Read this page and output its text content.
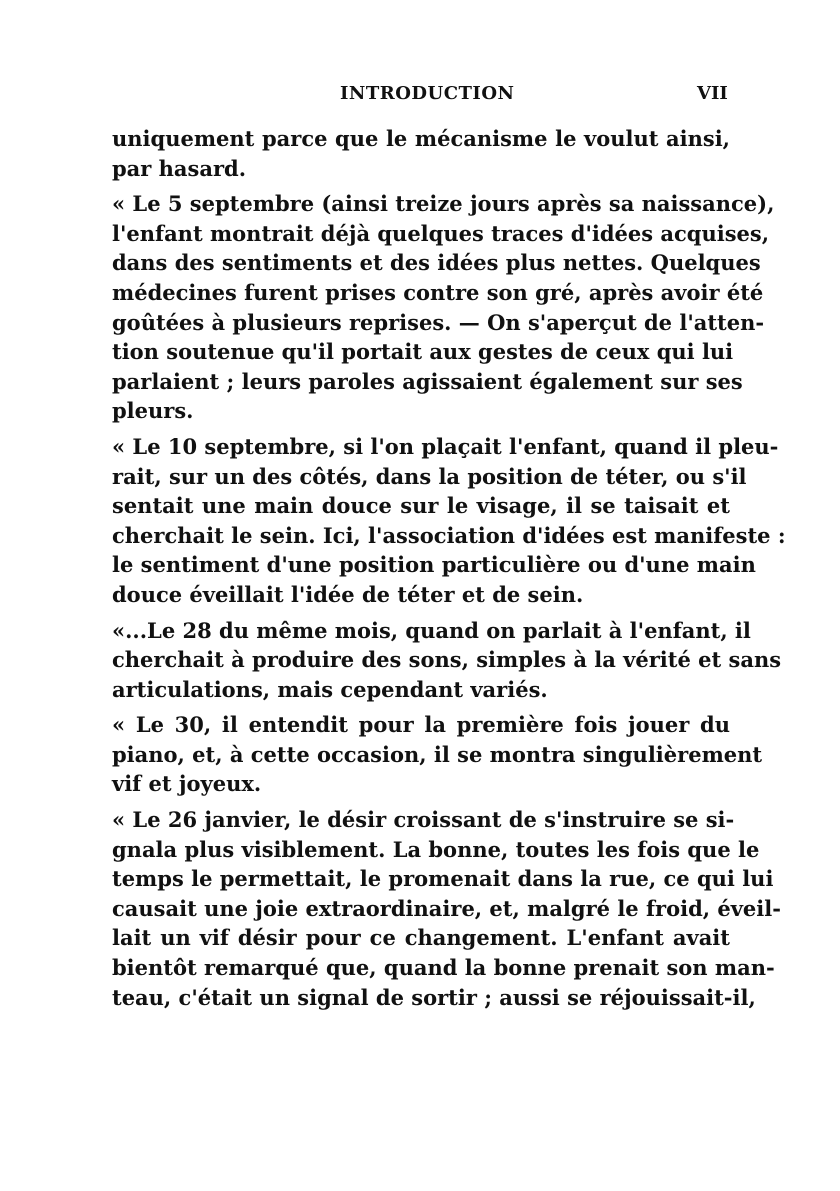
INTRODUCTION	VII
uniquement parce que le mécanisme le voulut ainsi,
par hasard.
« Le 5 septembre (ainsi treize jours après sa naissance),
l'enfant montrait déjà quelques traces d'idées acquises,
dans des sentiments et des idées plus nettes. Quelques
médecines furent prises contre son gré, après avoir été
goûtées à plusieurs reprises. — On s'aperçut de l'atten-
tion soutenue qu'il portait aux gestes de ceux qui lui
parlaient ; leurs paroles agissaient également sur ses
pleurs.
« Le 10 septembre, si l'on plaçait l'enfant, quand il pleu-
rait, sur un des côtés, dans la position de téter, ou s'il
sentait une main douce sur le visage, il se taisait et
cherchait le sein. Ici, l'association d'idées est manifeste :
le sentiment d'une position particulière ou d'une main
douce éveillait l'idée de téter et de sein.
«...Le 28 du même mois, quand on parlait à l'enfant, il
cherchait à produire des sons, simples à la vérité et sans
articulations, mais cependant variés.
« Le 30, il entendit pour la première fois jouer du
piano, et, à cette occasion, il se montra singulièrement
vif et joyeux.
« Le 26 janvier, le désir croissant de s'instruire se si-
gnala plus visiblement. La bonne, toutes les fois que le
temps le permettait, le promenait dans la rue, ce qui lui
causait une joie extraordinaire, et, malgré le froid, éveil-
lait un vif désir pour ce changement. L'enfant avait
bientôt remarqué que, quand la bonne prenait son man-
teau, c'était un signal de sortir ; aussi se réjouissait-il,
